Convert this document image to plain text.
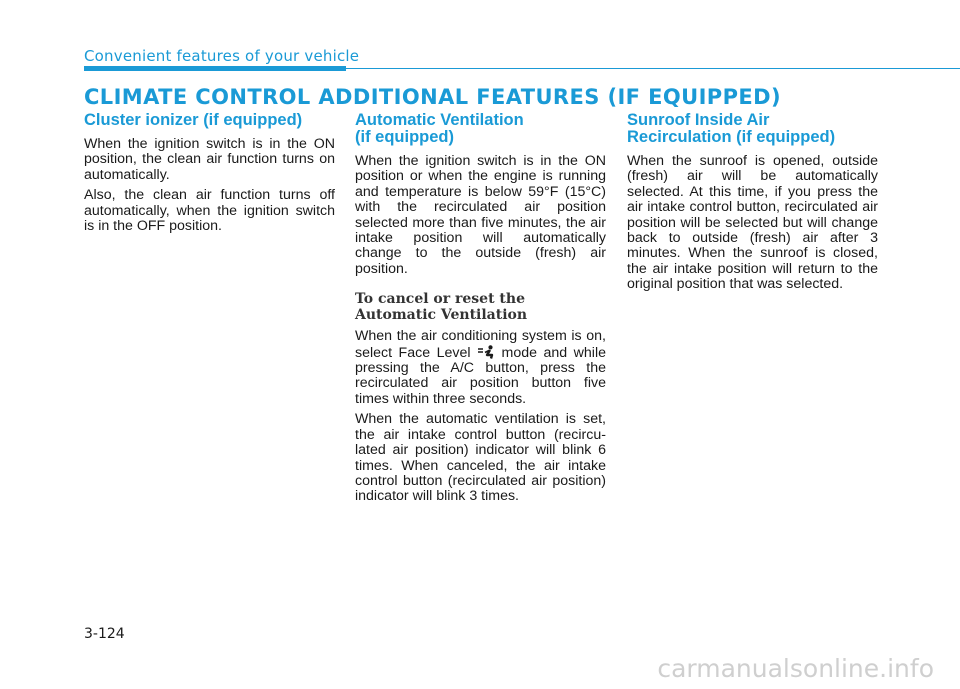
Convenient features of your vehicle
CLIMATE CONTROL ADDITIONAL FEATURES (IF EQUIPPED)
Cluster ionizer (if equipped)

When the ignition switch is in the ON position, the clean air function turns on automatically.

Also, the clean air function turns off automatically, when the ignition switch is in the OFF position.

Automatic Ventilation
(if equipped)

When the ignition switch is in the ON position or when the engine is running and temperature is below 59°F (15°C) with the recirculated air position selected more than five minutes, the air intake position will automatically change to the outside (fresh) air position.

To cancel or reset the Automatic Ventilation

When the air conditioning system is on, select Face Level  mode and while pressing the A/C button, press the recirculated air position button five times within three seconds.

When the automatic ventilation is set, the air intake control button (recirculated air position) indicator will blink 6 times. When canceled, the air intake control button (recirculated air position) indicator will blink 3 times.

Sunroof Inside Air
Recirculation (if equipped)

When the sunroof is opened, outside (fresh) air will be automatically selected. At this time, if you press the air intake control button, recirculated air position will be selected but will change back to outside (fresh) air after 3 minutes. When the sunroof is closed, the air intake position will return to the original position that was selected.

3-124
carmanualsonline.info
